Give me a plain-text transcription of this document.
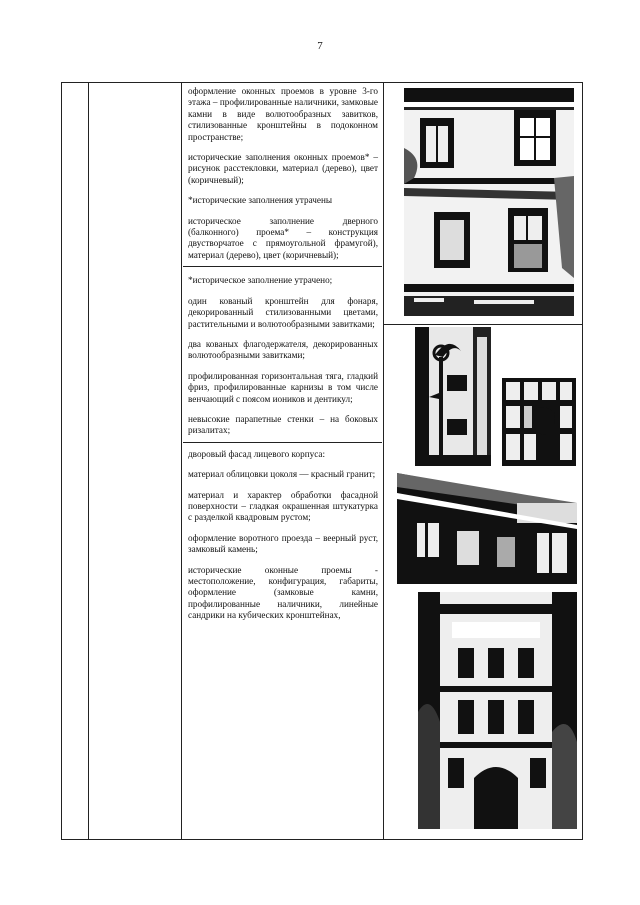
7

оформление оконных проемов в уровне 3-го этажа – профилированные наличники, замковые камни в виде волютообразных завитков, стилизованные кронштейны в подоконном пространстве;

исторические заполнения оконных проемов* – рисунок расстекловки, материал (дерево), цвет (коричневый);

*исторические заполнения утрачены

историческое заполнение дверного (балконного) проема* – конструкция двустворчатое с прямоугольной фрамугой), материал (дерево), цвет (коричневый);

*историческое заполнение утрачено;

один кованый кронштейн для фонаря, декорированный стилизованными цветами, растительными и волютообразными завитками;

два кованых флагодержателя, декорированных волютообразными завитками;

профилированная горизонтальная тяга, гладкий фриз, профилированные карнизы в том числе венчающий с поясом иоников и дентикул;

невысокие парапетные стенки – на боковых ризалитах;

дворовый фасад лицевого корпуса:

материал облицовки цоколя — красный гранит;

материал и характер обработки фасадной поверхности – гладкая окрашенная штукатурка с разделкой квадровым рустом;

оформление воротного проезда – веерный руст, замковый камень;

исторические оконные проемы - местоположение, конфигурация, габариты, оформление (замковые камни, профилированные наличники, линейные сандрики на кубических кронштейнах,
